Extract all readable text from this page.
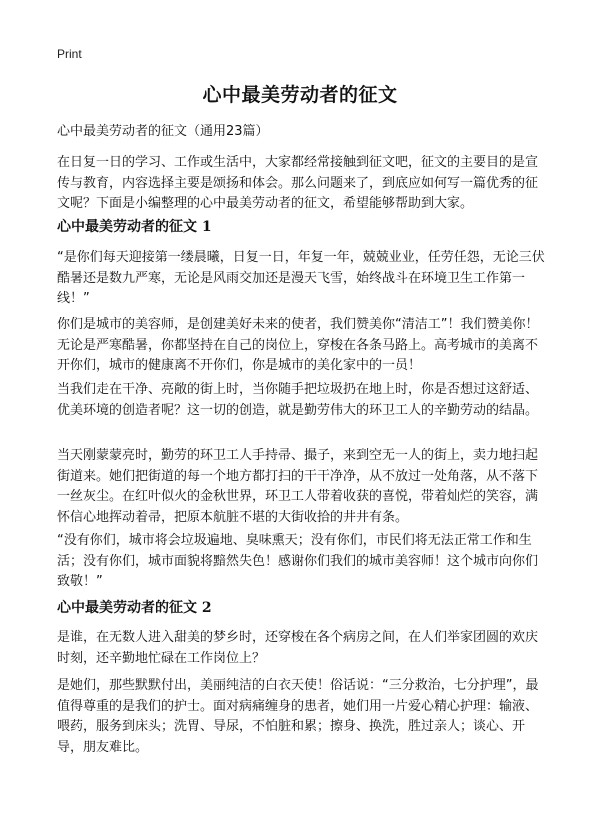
Print
心中最美劳动者的征文
心中最美劳动者的征文（通用23篇）
在日复一日的学习、工作或生活中，大家都经常接触到征文吧，征文的主要目的是宣传与教育，内容选择主要是颂扬和体会。那么问题来了，到底应如何写一篇优秀的征文呢？下面是小编整理的心中最美劳动者的征文，希望能够帮助到大家。
心中最美劳动者的征文 1
“是你们每天迎接第一缕晨曦，日复一日，年复一年，兢兢业业，任劳任怨，无论三伏酷暑还是数九严寒，无论是风雨交加还是漫天飞雪，始终战斗在环境卫生工作第一线！”
你们是城市的美容师，是创建美好未来的使者，我们赞美你“清洁工”！我们赞美你！无论是严寒酷暑，你都坚持在自己的岗位上，穿梭在各条马路上。高考城市的美离不开你们，城市的健康离不开你们，你是城市的美化家中的一员！
当我们走在干净、亮敞的街上时，当你随手把垃圾扔在地上时，你是否想过这舒适、优美环境的创造者呢？这一切的创造，就是勤劳伟大的环卫工人的辛勤劳动的结晶。
当天刚蒙蒙亮时，勤劳的环卫工人手持帚、撮子，来到空无一人的街上，卖力地扫起街道来。她们把街道的每一个地方都打扫的干干净净，从不放过一处角落，从不落下一丝灰尘。在红叶似火的金秋世界，环卫工人带着收获的喜悦，带着灿烂的笑容，满怀信心地挥动着帚，把原本航脏不堪的大街收拾的井井有条。
“没有你们，城市将会垃圾遍地、臭味熏天；没有你们，市民们将无法正常工作和生活；没有你们，城市面貌将黯然失色！感谢你们我们的城市美容师！这个城市向你们致敬！”
心中最美劳动者的征文 2
是谁，在无数人进入甜美的梦乡时，还穿梭在各个病房之间，在人们举家团圆的欢庆时刻，还辛勤地忙碌在工作岗位上？
是她们，那些默默付出，美丽纯洁的白衣天使！俗话说：“三分救治，七分护理”，最值得尊重的是我们的护士。面对病痛缠身的患者，她们用一片爱心精心护理：输液、喂药，服务到床头；洗胃、导尿，不怕脏和累；擦身、换洗，胜过亲人；谈心、开导，朋友难比。
